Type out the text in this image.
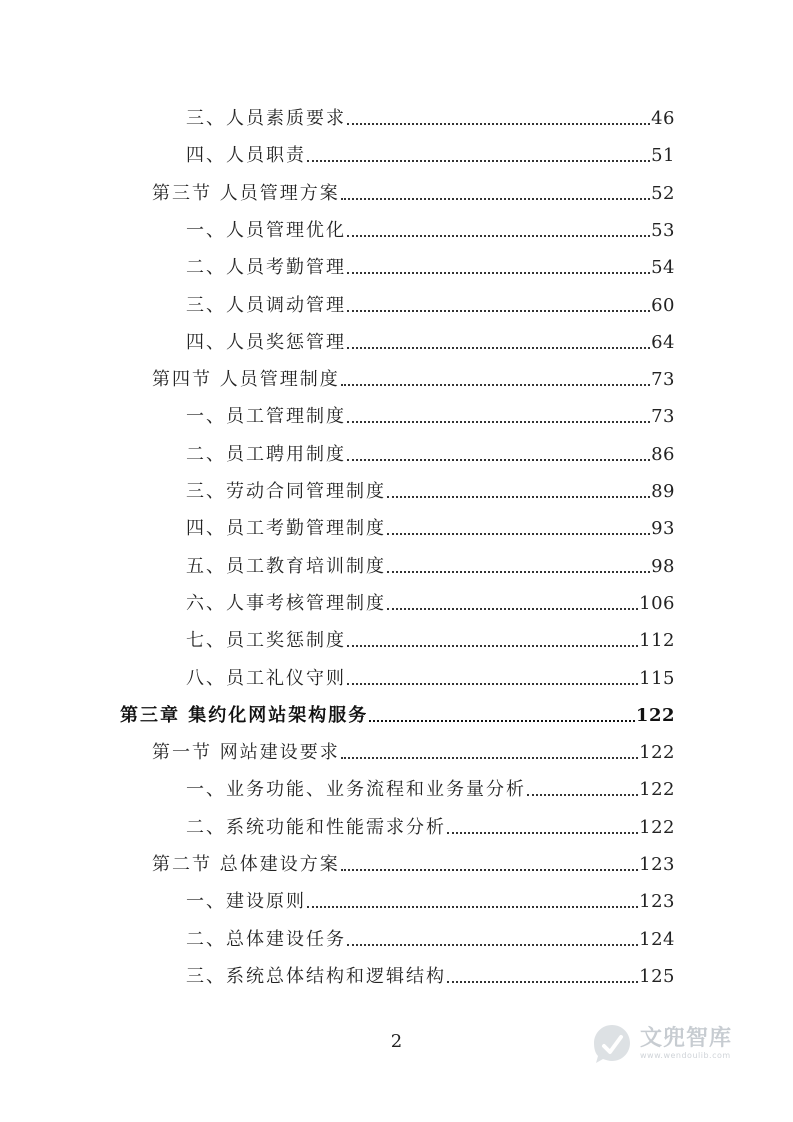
三、人员素质要求	46
四、人员职责	51
第三节 人员管理方案	52
一、人员管理优化	53
二、人员考勤管理	54
三、人员调动管理	60
四、人员奖惩管理	64
第四节 人员管理制度	73
一、员工管理制度	73
二、员工聘用制度	86
三、劳动合同管理制度	89
四、员工考勤管理制度	93
五、员工教育培训制度	98
六、人事考核管理制度	106
七、员工奖惩制度	112
八、员工礼仪守则	115
第三章 集约化网站架构服务	122
第一节 网站建设要求	122
一、业务功能、业务流程和业务量分析	122
二、系统功能和性能需求分析	122
第二节 总体建设方案	123
一、建设原则	123
二、总体建设任务	124
三、系统总体结构和逻辑结构	125
2	文兜智库
www.wendoulib.com
